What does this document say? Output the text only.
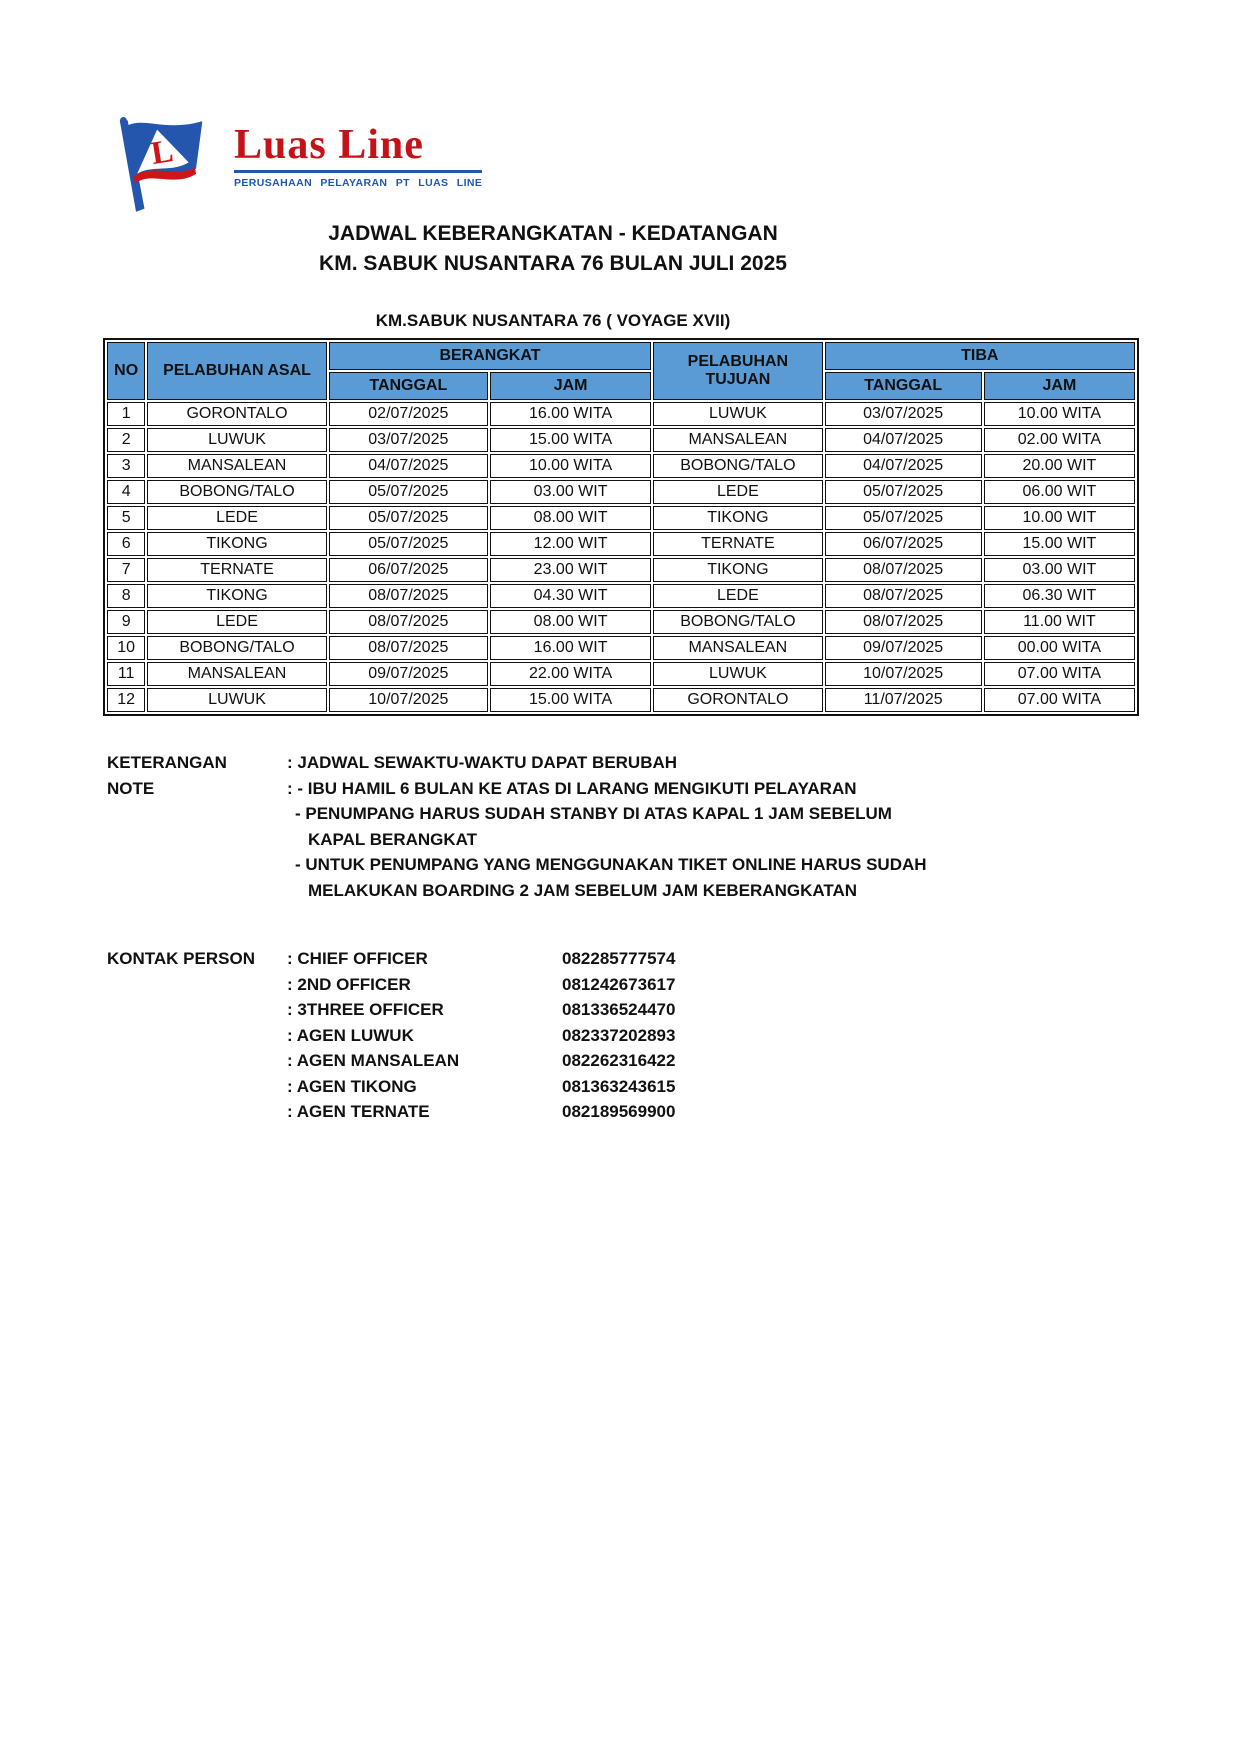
L Luas Line
PERUSAHAAN PELAYARAN PT LUAS LINE
JADWAL KEBERANGKATAN - KEDATANGAN
KM. SABUK NUSANTARA 76 BULAN JULI 2025
KM.SABUK NUSANTARA 76 ( VOYAGE XVII)
NO	PELABUHAN ASAL	BERANGKAT		PELABUHAN TUJUAN	TIBA	
		TANGGAL	JAM		TANGGAL	JAM
1	GORONTALO	02/07/2025	16.00 WITA	LUWUK	03/07/2025	10.00 WITA
2	LUWUK	03/07/2025	15.00 WITA	MANSALEAN	04/07/2025	02.00 WITA
3	MANSALEAN	04/07/2025	10.00 WITA	BOBONG/TALO	04/07/2025	20.00 WIT
4	BOBONG/TALO	05/07/2025	03.00 WIT	LEDE	05/07/2025	06.00 WIT
5	LEDE	05/07/2025	08.00 WIT	TIKONG	05/07/2025	10.00 WIT
6	TIKONG	05/07/2025	12.00 WIT	TERNATE	06/07/2025	15.00 WIT
7	TERNATE	06/07/2025	23.00 WIT	TIKONG	08/07/2025	03.00 WIT
8	TIKONG	08/07/2025	04.30 WIT	LEDE	08/07/2025	06.30 WIT
9	LEDE	08/07/2025	08.00 WIT	BOBONG/TALO	08/07/2025	11.00 WIT
10	BOBONG/TALO	08/07/2025	16.00 WIT	MANSALEAN	09/07/2025	00.00 WITA
11	MANSALEAN	09/07/2025	22.00 WITA	LUWUK	10/07/2025	07.00 WITA
12	LUWUK	10/07/2025	15.00 WITA	GORONTALO	11/07/2025	07.00 WITA
KETERANGAN	: JADWAL SEWAKTU-WAKTU DAPAT BERUBAH
NOTE	: - IBU HAMIL 6 BULAN KE ATAS DI LARANG MENGIKUTI PELAYARAN
- PENUMPANG HARUS SUDAH STANBY DI ATAS KAPAL 1 JAM SEBELUM
KAPAL BERANGKAT
- UNTUK PENUMPANG YANG MENGGUNAKAN TIKET ONLINE HARUS SUDAH
MELAKUKAN BOARDING 2 JAM SEBELUM JAM KEBERANGKATAN
KONTAK PERSON	: CHIEF OFFICER	082285777574
: 2ND OFFICER	081242673617
: 3THREE OFFICER	081336524470
: AGEN LUWUK	082337202893
: AGEN MANSALEAN	082262316422
: AGEN TIKONG	081363243615
: AGEN TERNATE	082189569900
